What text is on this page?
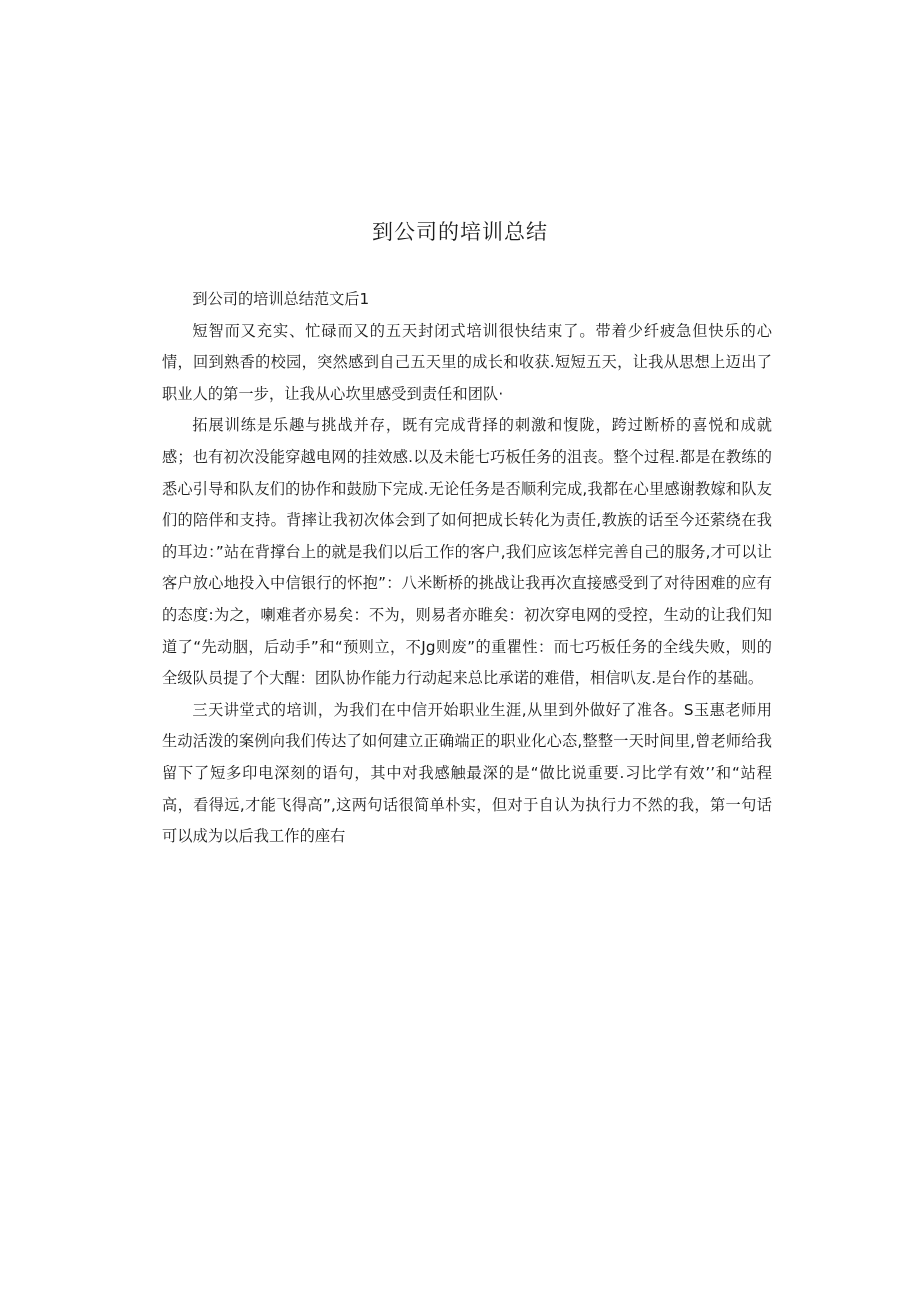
到公司的培训总结

到公司的培训总结范文后1

短智而又充实、忙碌而又的五天封闭式培训很快结束了。带着少纤疲急但快乐的心情，回到熟香的校园，突然感到自己五天里的成长和收获.短短五天，让我从思想上迈出了职业人的第一步，让我从心坎里感受到责任和团队·

拓展训练是乐趣与挑战并存，既有完成背择的刺激和愎陇，跨过断桥的喜悦和成就感；也有初次没能穿越电网的挂效感.以及未能七巧板任务的沮丧。整个过程.都是在教练的悉心引导和队友们的协作和鼓励下完成.无论任务是否顺利完成,我都在心里感谢教嫁和队友们的陪伴和支持。背摔让我初次体会到了如何把成长转化为责任,教族的话至今还萦绕在我的耳边：”站在背撑台上的就是我们以后工作的客户,我们应该怎样完善自己的服务,才可以让客户放心地投入中信银行的怀抱”：八米断桥的挑战让我再次直接感受到了对待困难的应有的态度:为之，喇难者亦易矣：不为，则易者亦睢矣：初次穿电网的受控，生动的让我们知道了“先动胭，后动手”和“预则立，不Jg则废”的重瞿性：而七巧板任务的全线失败，则的全级队员提了个大醒：团队协作能力行动起来总比承诺的难借，相信叭友.是台作的基础。

三天讲堂式的培训，为我们在中信开始职业生涯,从里到外做好了准各。S玉惠老师用生动活泼的案例向我们传达了如何建立正确端正的职业化心态,整整一天时间里,曾老师给我留下了短多印电深刻的语句，其中对我感触最深的是“做比说重要.习比学有效’’和“站程高，看得远,才能飞得高”,这两句话很简单朴实，但对于自认为执行力不然的我，第一句话可以成为以后我工作的座右
